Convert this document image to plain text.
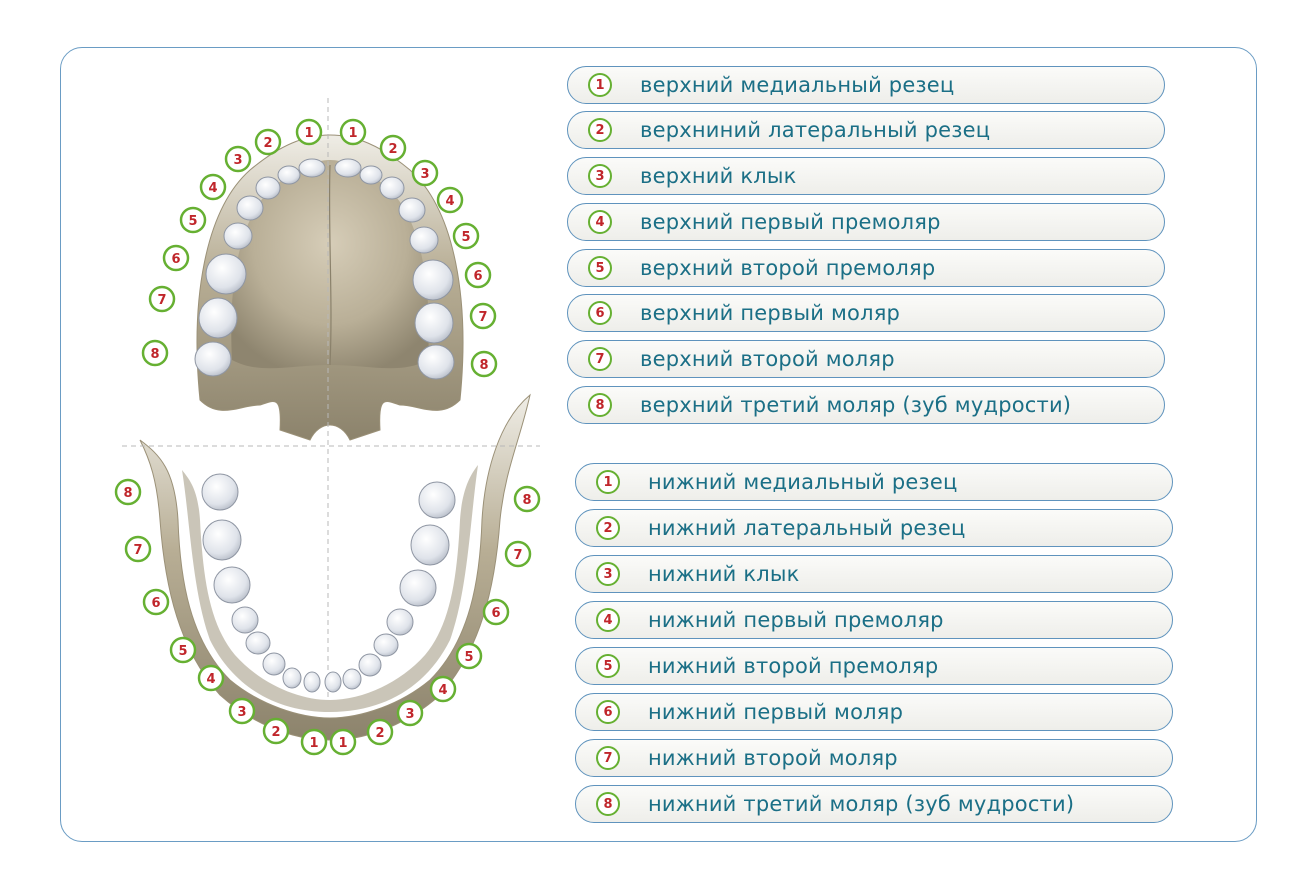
1	1
2	2
3
3
4
4
5
5
6
6
7
7
8
8
8	8
7	7
6
6
5	5
4
4
3	3
2	2
1 1
1	верхний медиальный резец
2	верхниний латеральный резец
3	верхний клык
4	верхний первый премоляр
5	верхний второй премоляр
6	верхний первый моляр
7	верхний второй моляр
8	верхний третий моляр (зуб мудрости)
1	нижний медиальный резец
2	нижний латеральный резец
3	нижний клык
4	нижний первый премоляр
5	нижний второй премоляр
6	нижний первый моляр
7	нижний второй моляр
8	нижний третий моляр (зуб мудрости)
